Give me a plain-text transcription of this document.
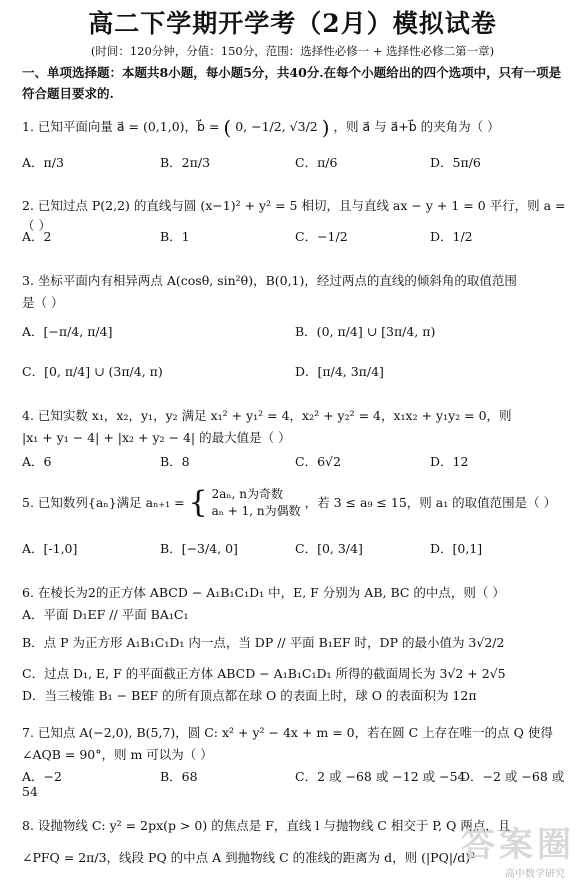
高二下学期开学考（2月）模拟试卷
(时间：120分钟，分值：150分，范围：选择性必修一 + 选择性必修二第一章)
一、单项选择题：本题共8小题，每小题5分，共40分.在每个小题给出的四个选项中，只有一项是符合题目要求的.
1. 已知平面向量 a⃗ = (0,1,0)，b⃗ = ( 0, −1/2, √3/2 ) ，则 a⃗ 与 a⃗+b⃗ 的夹角为（ ）
A．π/3	B．2π/3	C．π/6	D．5π/6
2. 已知过点 P(2,2) 的直线与圆 (x−1)² + y² = 5 相切，且与直线 ax − y + 1 = 0 平行，则 a =（ ）
A．2	B．1	C．−1/2	D．1/2
3. 坐标平面内有相异两点 A(cosθ, sin²θ)，B(0,1)，经过两点的直线的倾斜角的取值范围
是（ ）
A．[−π/4, π/4]	B．(0, π/4] ∪ [3π/4, π)
C．[0, π/4] ∪ (3π/4, π)	D．[π/4, 3π/4]
4. 已知实数 x₁，x₂，y₁，y₂ 满足 x₁² + y₁² = 4，x₂² + y₂² = 4，x₁x₂ + y₁y₂ = 0，则
|x₁ + y₁ − 4| + |x₂ + y₂ − 4| 的最大值是（ ）
A．6	B．8	C．6√2	D．12
5. 已知数列{aₙ}满足 aₙ₊₁ = { 2aₙ, n为奇数
aₙ + 1, n为偶数
，若 3 ≤ a₉ ≤ 15，则 a₁ 的取值范围是（ ）
A．[-1,0]	B．[−3/4, 0]	C．[0, 3/4]	D．[0,1]
6. 在棱长为2的正方体 ABCD − A₁B₁C₁D₁ 中，E, F 分别为 AB, BC 的中点，则（ ）
A．平面 D₁EF // 平面 BA₁C₁
B．点 P 为正方形 A₁B₁C₁D₁ 内一点，当 DP // 平面 B₁EF 时，DP 的最小值为 3√2/2
C．过点 D₁, E, F 的平面截正方体 ABCD − A₁B₁C₁D₁ 所得的截面周长为 3√2 + 2√5
D．当三棱锥 B₁ − BEF 的所有顶点都在球 O 的表面上时，球 O 的表面积为 12π
7. 已知点 A(−2,0), B(5,7)，圆 C: x² + y² − 4x + m = 0，若在圆 C 上存在唯一的点 Q 使得
∠AQB = 90°，则 m 可以为（ ）
A．−2	B．68	C．2 或 −68 或 −12 或 −54
D．−2 或 −68 或
54
8. 设抛物线 C: y² = 2px(p > 0) 的焦点是 F，直线 l 与抛物线 C 相交于 P, Q 两点，且
∠PFQ = 2π/3，线段 PQ 的中点 A 到抛物线 C 的准线的距离为 d，则 (|PQ|/d)²
答案圈
高中数学研究
